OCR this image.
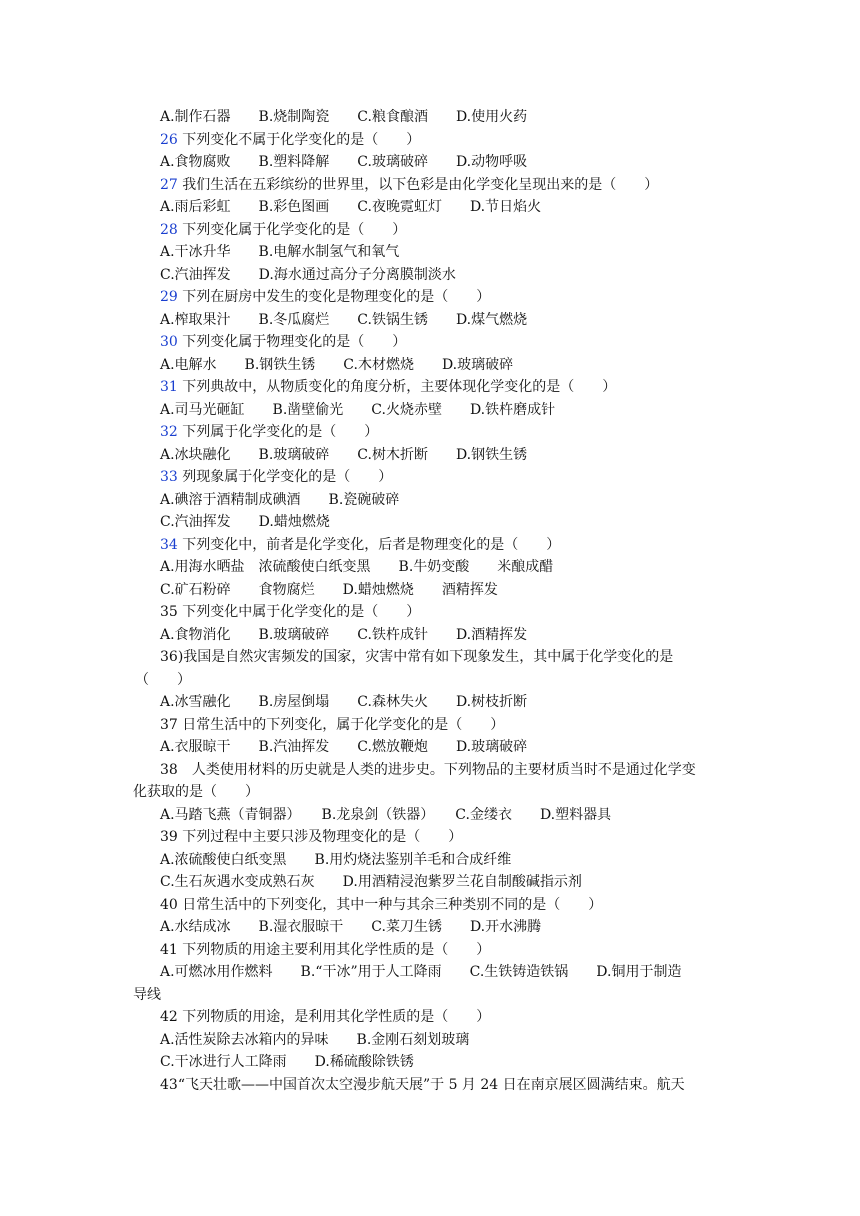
A.制作石器　　B.烧制陶瓷　　C.粮食酿酒　　D.使用火药
26 下列变化不属于化学变化的是（　　）
A.食物腐败　　B.塑料降解　　C.玻璃破碎　　D.动物呼吸
27 我们生活在五彩缤纷的世界里，以下色彩是由化学变化呈现出来的是（　　）
A.雨后彩虹　　B.彩色图画　　C.夜晚霓虹灯　　D.节日焰火
28 下列变化属于化学变化的是（　　）
A.干冰升华　　B.电解水制氢气和氧气
C.汽油挥发　　D.海水通过高分子分离膜制淡水
29 下列在厨房中发生的变化是物理变化的是（　　）
A.榨取果汁　　B.冬瓜腐烂　　C.铁锅生锈　　D.煤气燃烧
30 下列变化属于物理变化的是（　　）
A.电解水　　B.钢铁生锈　　C.木材燃烧　　D.玻璃破碎
31 下列典故中，从物质变化的角度分析，主要体现化学变化的是（　　）
A.司马光砸缸　　B.凿壁偷光　　C.火烧赤壁　　D.铁杵磨成针
32 下列属于化学变化的是（　　）
A.冰块融化　　B.玻璃破碎　　C.树木折断　　D.钢铁生锈
33 列现象属于化学变化的是（　　）
A.碘溶于酒精制成碘酒　　B.瓷碗破碎
C.汽油挥发　　D.蜡烛燃烧
34 下列变化中，前者是化学变化，后者是物理变化的是（　　）
A.用海水晒盐　浓硫酸使白纸变黑　　B.牛奶变酸　　米酿成醋
C.矿石粉碎　　食物腐烂　　D.蜡烛燃烧　　酒精挥发
35 下列变化中属于化学变化的是（　　）
A.食物消化　　B.玻璃破碎　　C.铁杵成针　　D.酒精挥发
36)我国是自然灾害频发的国家，灾害中常有如下现象发生，其中属于化学变化的是
（　　）
A.冰雪融化　　B.房屋倒塌　　C.森林失火　　D.树枝折断
37 日常生活中的下列变化，属于化学变化的是（　　）
A.衣服晾干　　B.汽油挥发　　C.燃放鞭炮　　D.玻璃破碎
38　人类使用材料的历史就是人类的进步史。下列物品的主要材质当时不是通过化学变
化获取的是（　　）
A.马踏飞燕（青铜器）　　B.龙泉剑（铁器）　　C.金缕衣　　D.塑料器具
39 下列过程中主要只涉及物理变化的是（　　）
A.浓硫酸使白纸变黑　　B.用灼烧法鉴别羊毛和合成纤维
C.生石灰遇水变成熟石灰　　D.用酒精浸泡紫罗兰花自制酸碱指示剂
40 日常生活中的下列变化，其中一种与其余三种类别不同的是（　　）
A.水结成冰　　B.湿衣服晾干　　C.菜刀生锈　　D.开水沸腾
41 下列物质的用途主要利用其化学性质的是（　　）
A.可燃冰用作燃料　　B.“干冰”用于人工降雨　　C.生铁铸造铁锅　　D.铜用于制造
导线
42 下列物质的用途，是利用其化学性质的是（　　）
A.活性炭除去冰箱内的异味　　B.金刚石刻划玻璃
C.干冰进行人工降雨　　D.稀硫酸除铁锈
43“飞天壮歌——中国首次太空漫步航天展”于 5 月 24 日在南京展区圆满结束。航天
